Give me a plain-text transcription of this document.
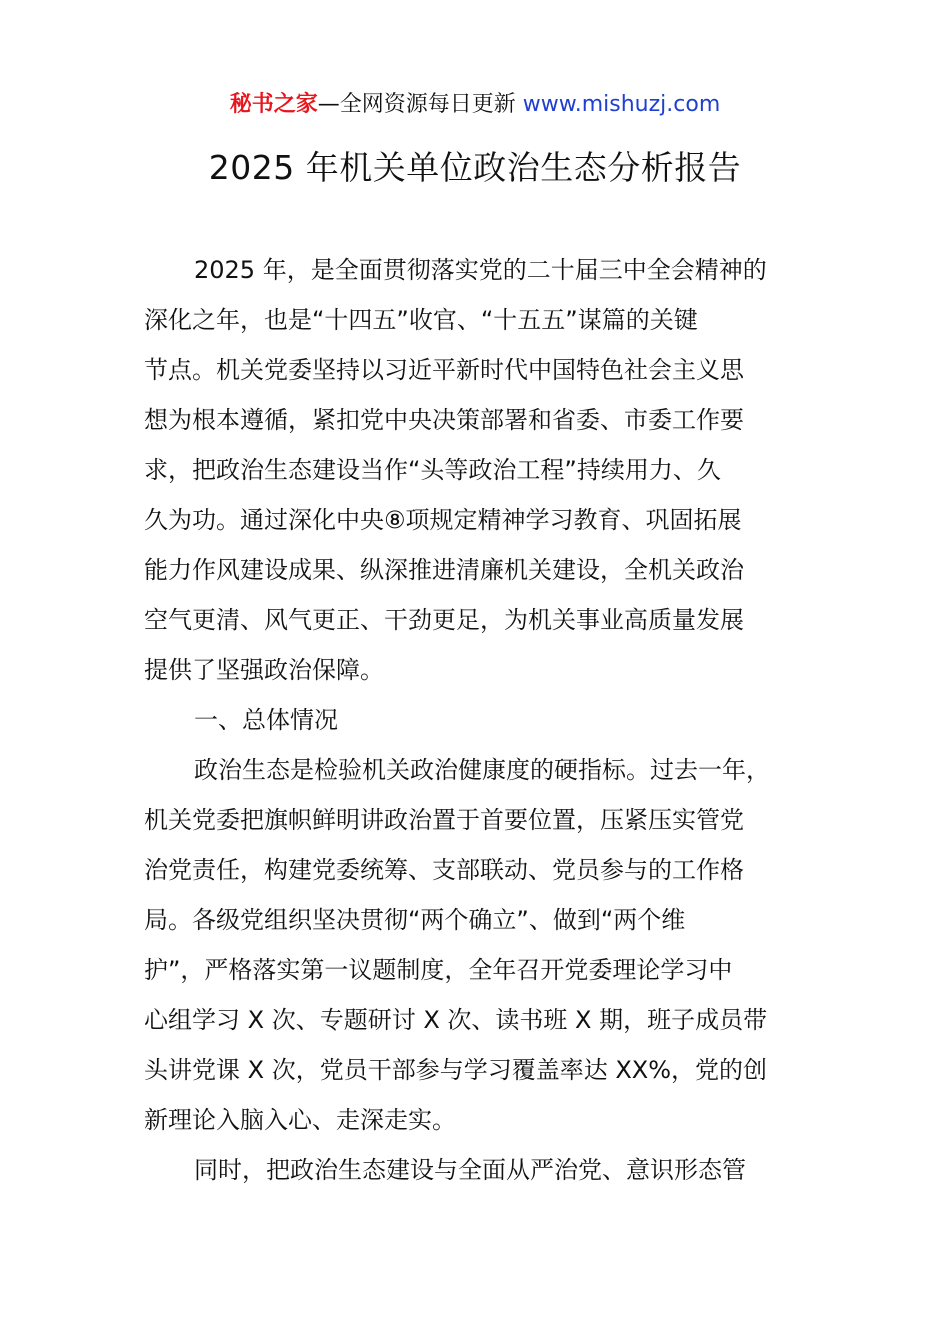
秘书之家—全网资源每日更新 www.mishuzj.com
2025 年机关单位政治生态分析报告
2025 年，是全面贯彻落实党的二十届三中全会精神的
深化之年，也是“十四五”收官、“十五五”谋篇的关键
节点。机关党委坚持以习近平新时代中国特色社会主义思
想为根本遵循，紧扣党中央决策部署和省委、市委工作要
求，把政治生态建设当作“头等政治工程”持续用力、久
久为功。通过深化中央⑧项规定精神学习教育、巩固拓展
能力作风建设成果、纵深推进清廉机关建设，全机关政治
空气更清、风气更正、干劲更足，为机关事业高质量发展
提供了坚强政治保障。
一、总体情况
政治生态是检验机关政治健康度的硬指标。过去一年，
机关党委把旗帜鲜明讲政治置于首要位置，压紧压实管党
治党责任，构建党委统筹、支部联动、党员参与的工作格
局。各级党组织坚决贯彻“两个确立”、做到“两个维
护”，严格落实第一议题制度，全年召开党委理论学习中
心组学习 X 次、专题研讨 X 次、读书班 X 期，班子成员带
头讲党课 X 次，党员干部参与学习覆盖率达 XX%，党的创
新理论入脑入心、走深走实。
同时，把政治生态建设与全面从严治党、意识形态管
